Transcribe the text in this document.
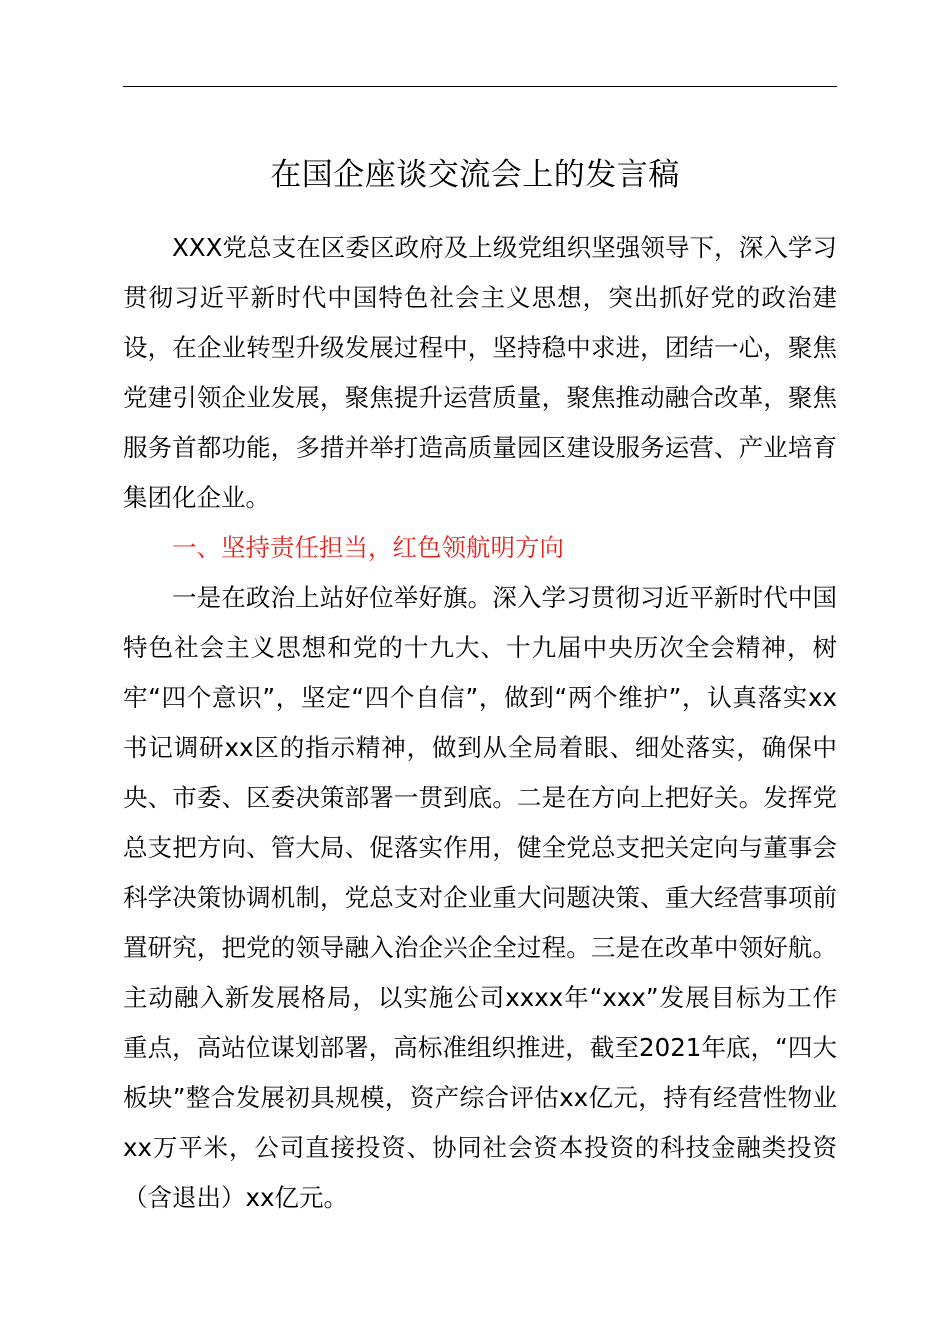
在国企座谈交流会上的发言稿

XXX党总支在区委区政府及上级党组织坚强领导下，深入学习贯彻习近平新时代中国特色社会主义思想，突出抓好党的政治建设，在企业转型升级发展过程中，坚持稳中求进，团结一心，聚焦党建引领企业发展，聚焦提升运营质量，聚焦推动融合改革，聚焦服务首都功能，多措并举打造高质量园区建设服务运营、产业培育集团化企业。

一、坚持责任担当，红色领航明方向

一是在政治上站好位举好旗。深入学习贯彻习近平新时代中国特色社会主义思想和党的十九大、十九届中央历次全会精神，树牢“四个意识”，坚定“四个自信”，做到“两个维护”，认真落实xx书记调研xx区的指示精神，做到从全局着眼、细处落实，确保中央、市委、区委决策部署一贯到底。二是在方向上把好关。发挥党总支把方向、管大局、促落实作用，健全党总支把关定向与董事会科学决策协调机制，党总支对企业重大问题决策、重大经营事项前置研究，把党的领导融入治企兴企全过程。三是在改革中领好航。主动融入新发展格局，以实施公司xxxx年“xxx”发展目标为工作重点，高站位谋划部署，高标准组织推进，截至2021年底，“四大板块”整合发展初具规模，资产综合评估xx亿元，持有经营性物业xx万平米，公司直接投资、协同社会资本投资的科技金融类投资（含退出）xx亿元。
